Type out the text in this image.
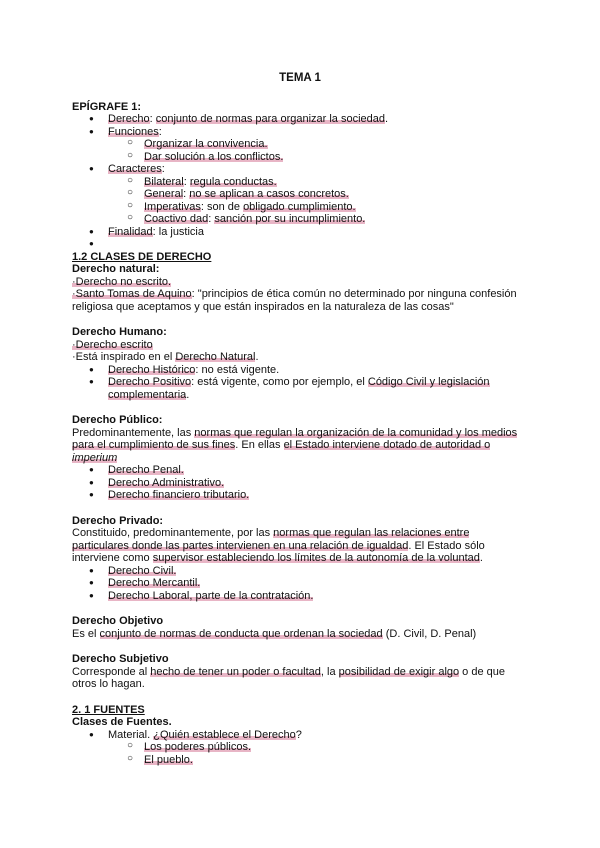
TEMA 1

EPÍGRAFE 1:

● Derecho: conjunto de normas para organizar la sociedad.
● Funciones:
○ Organizar la convivencia.
○ Dar solución a los conflictos.
● Caracteres:
○ Bilateral: regula conductas.
○ General: no se aplican a casos concretos.
○ Imperativas: son de obligado cumplimiento.
○ Coactivo dad: sanción por su incumplimiento.
● Finalidad: la justicia
●

1.2 CLASES DE DERECHO

Derecho natural:

·Derecho no escrito.

·Santo Tomas de Aquino: "principios de ética común no determinado por ninguna confesión religiosa que aceptamos y que están inspirados en la naturaleza de las cosas"

Derecho Humano:

·Derecho escrito

·Está inspirado en el Derecho Natural.

● Derecho Histórico: no está vigente.
● Derecho Positivo: está vigente, como por ejemplo, el Código Civil y legislación complementaria.

Derecho Público:

Predominantemente, las normas que regulan la organización de la comunidad y los medios para el cumplimiento de sus fines. En ellas el Estado interviene dotado de autoridad o imperium

● Derecho Penal.
● Derecho Administrativo.
● Derecho financiero tributario.

Derecho Privado:

Constituido, predominantemente, por las normas que regulan las relaciones entre particulares donde las partes intervienen en una relación de igualdad. El Estado sólo interviene como supervisor estableciendo los límites de la autonomía de la voluntad.

● Derecho Civil.
● Derecho Mercantil.
● Derecho Laboral, parte de la contratación.

Derecho Objetivo

Es el conjunto de normas de conducta que ordenan la sociedad (D. Civil, D. Penal)

Derecho Subjetivo

Corresponde al hecho de tener un poder o facultad, la posibilidad de exigir algo o de que otros lo hagan.

2. 1 FUENTES

Clases de Fuentes.

● Material. ¿Quién establece el Derecho?
○ Los poderes públicos.
○ El pueblo.
